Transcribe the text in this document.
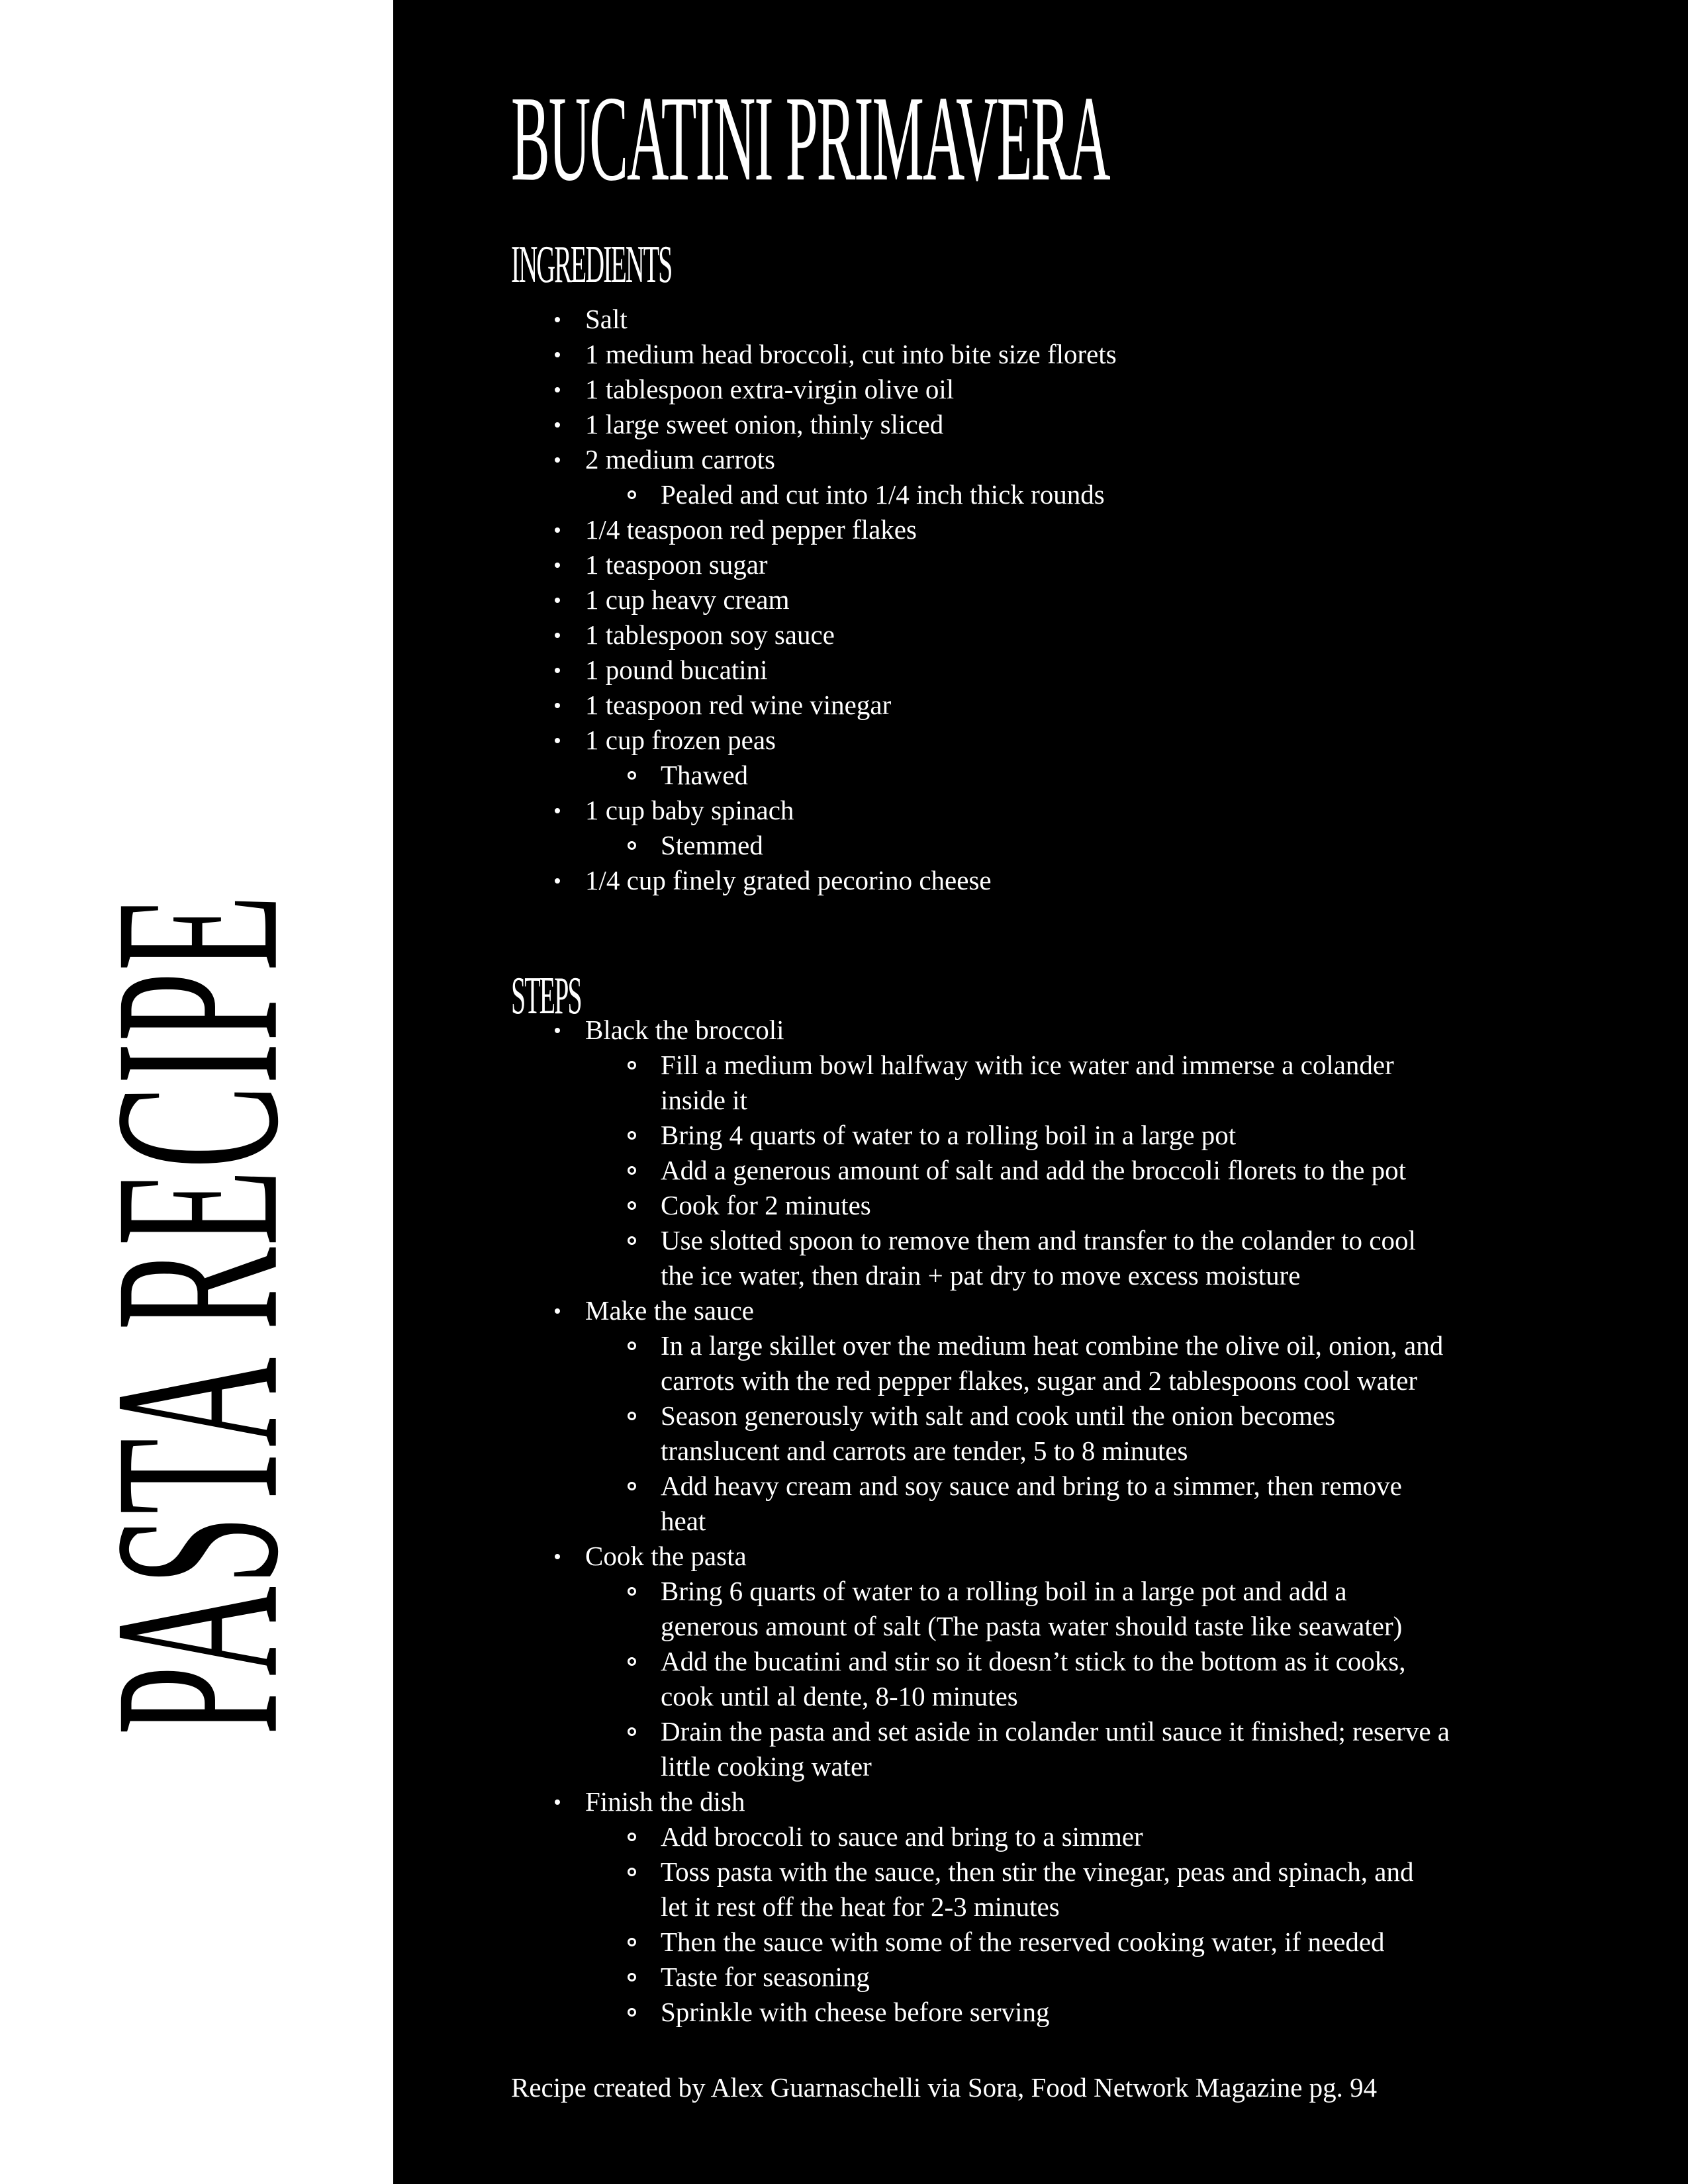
PASTA RECIPE
BUCATINI PRIMAVERA
INGREDIENTS
Salt
1 medium head broccoli, cut into bite size florets
1 tablespoon extra-virgin olive oil
1 large sweet onion, thinly sliced
2 medium carrots
Pealed and cut into 1/4 inch thick rounds
1/4 teaspoon red pepper flakes
1 teaspoon sugar
1 cup heavy cream
1 tablespoon soy sauce
1 pound bucatini
1 teaspoon red wine vinegar
1 cup frozen peas
Thawed
1 cup baby spinach
Stemmed
1/4 cup finely grated pecorino cheese
STEPS
Black the broccoli
Fill a medium bowl halfway with ice water and immerse a colander
inside it
Bring 4 quarts of water to a rolling boil in a large pot
Add a generous amount of salt and add the broccoli florets to the pot
Cook for 2 minutes
Use slotted spoon to remove them and transfer to the colander to cool
the ice water, then drain + pat dry to move excess moisture
Make the sauce
In a large skillet over the medium heat combine the olive oil, onion, and
carrots with the red pepper flakes, sugar and 2 tablespoons cool water
Season generously with salt and cook until the onion becomes
translucent and carrots are tender, 5 to 8 minutes
Add heavy cream and soy sauce and bring to a simmer, then remove
heat
Cook the pasta
Bring 6 quarts of water to a rolling boil in a large pot and add a
generous amount of salt (The pasta water should taste like seawater)
Add the bucatini and stir so it doesn’t stick to the bottom as it cooks,
cook until al dente, 8-10 minutes
Drain the pasta and set aside in colander until sauce it finished; reserve a
little cooking water
Finish the dish
Add broccoli to sauce and bring to a simmer
Toss pasta with the sauce, then stir the vinegar, peas and spinach, and
let it rest off the heat for 2-3 minutes
Then the sauce with some of the reserved cooking water, if needed
Taste for seasoning
Sprinkle with cheese before serving
Recipe created by Alex Guarnaschelli via Sora, Food Network Magazine pg. 94
